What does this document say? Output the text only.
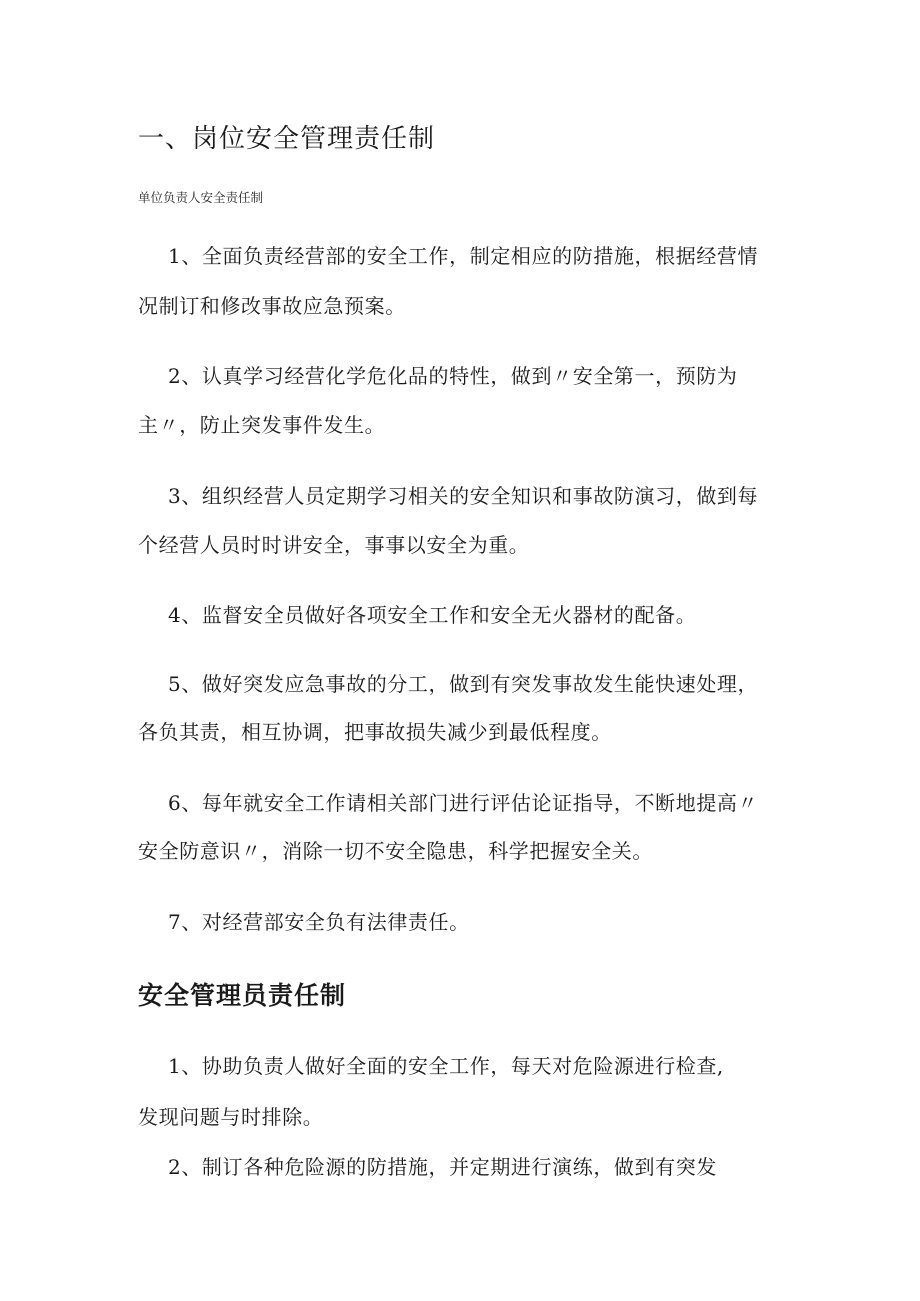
一、岗位安全管理责任制
单位负责人安全责任制
1、全面负责经营部的安全工作，制定相应的防措施，根据经营情
况制订和修改事故应急预案。
2、认真学习经营化学危化品的特性，做到〃安全第一，预防为
主〃，防止突发事件发生。
3、组织经营人员定期学习相关的安全知识和事故防演习，做到每
个经营人员时时讲安全，事事以安全为重。
4、监督安全员做好各项安全工作和安全无火器材的配备。
5、做好突发应急事故的分工，做到有突发事故发生能快速处理，
各负其责，相互协调，把事故损失减少到最低程度。
6、每年就安全工作请相关部门进行评估论证指导，不断地提高〃
安全防意识〃，消除一切不安全隐患，科学把握安全关。
7、对经营部安全负有法律责任。
安全管理员责任制
1、协助负责人做好全面的安全工作，每天对危险源进行检查,
发现问题与时排除。
2、制订各种危险源的防措施，并定期进行演练，做到有突发
